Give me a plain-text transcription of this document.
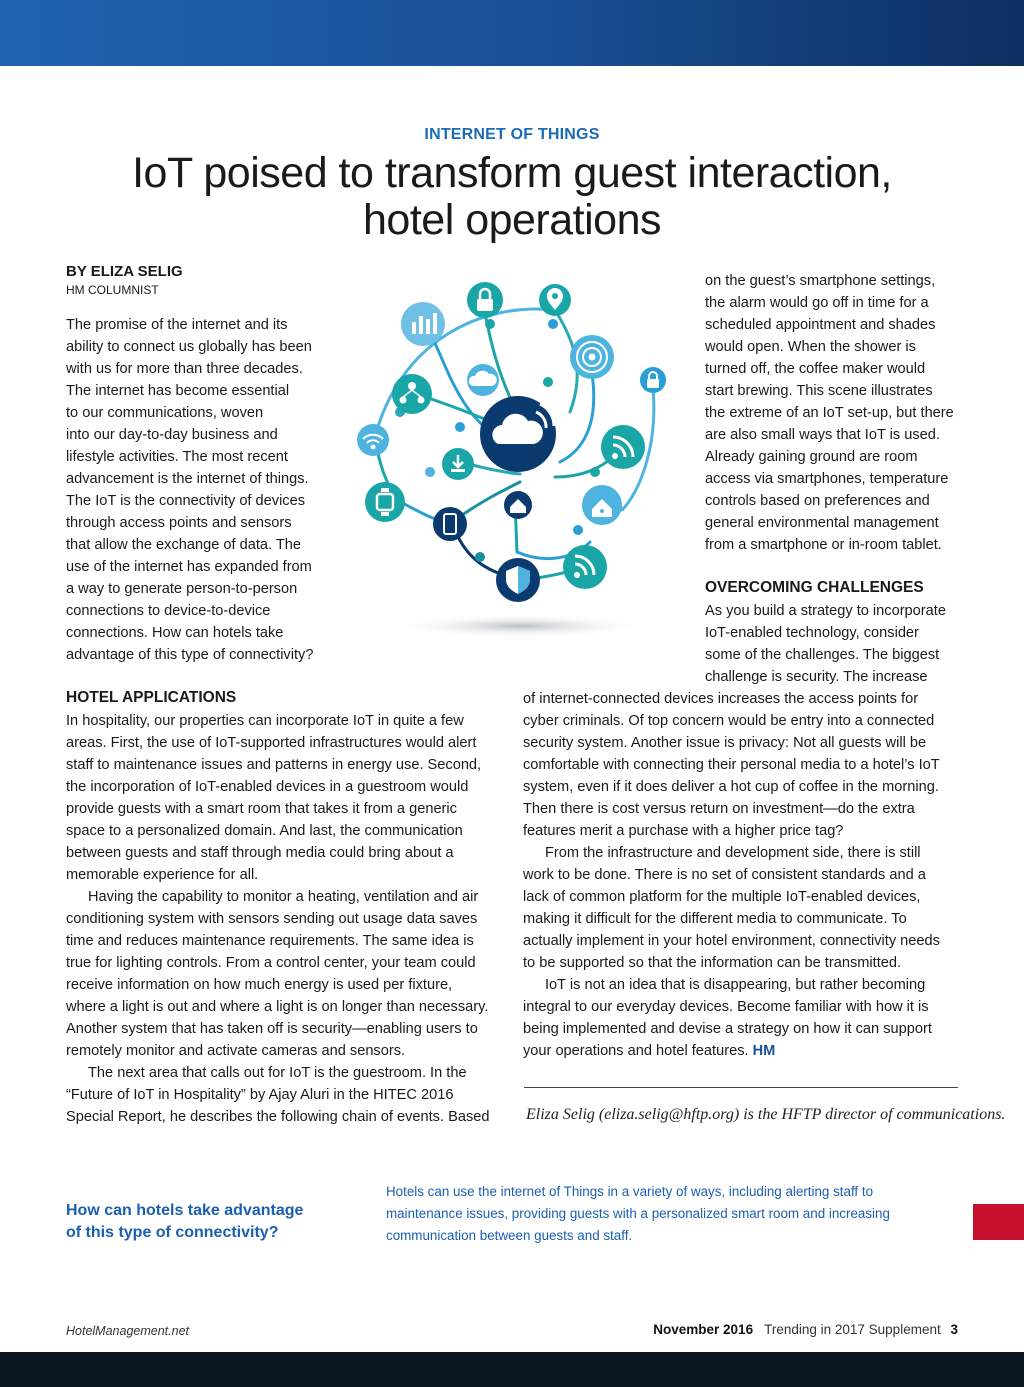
INTERNET OF THINGS
IoT poised to transform guest interaction,
hotel operations
BY ELIZA SELIG
HM COLUMNIST
The promise of the internet and its
ability to connect us globally has been
with us for more than three decades.
The internet has become essential
to our communications, woven
into our day-to-day business and
lifestyle activities. The most recent
advancement is the internet of things.
The IoT is the connectivity of devices
through access points and sensors
that allow the exchange of data. The
use of the internet has expanded from
a way to generate person-to-person
connections to device-to-device
connections. How can hotels take
advantage of this type of connectivity?
HOTEL APPLICATIONS
In hospitality, our properties can incorporate IoT in quite a few
areas. First, the use of IoT-supported infrastructures would alert
staff to maintenance issues and patterns in energy use. Second,
the incorporation of IoT-enabled devices in a guestroom would
provide guests with a smart room that takes it from a generic
space to a personalized domain. And last, the communication
between guests and staff through media could bring about a
memorable experience for all.
Having the capability to monitor a heating, ventilation and air
conditioning system with sensors sending out usage data saves
time and reduces maintenance requirements. The same idea is
true for lighting controls. From a control center, your team could
receive information on how much energy is used per fixture,
where a light is out and where a light is on longer than necessary.
Another system that has taken off is security—enabling users to
remotely monitor and activate cameras and sensors.
The next area that calls out for IoT is the guestroom. In the
“Future of IoT in Hospitality” by Ajay Aluri in the HITEC 2016
Special Report, he describes the following chain of events. Based
on the guest’s smartphone settings,
the alarm would go off in time for a
scheduled appointment and shades
would open. When the shower is
turned off, the coffee maker would
start brewing. This scene illustrates
the extreme of an IoT set-up, but there
are also small ways that IoT is used.
Already gaining ground are room
access via smartphones, temperature
controls based on preferences and
general environmental management
from a smartphone or in-room tablet.
OVERCOMING CHALLENGES
As you build a strategy to incorporate
IoT-enabled technology, consider
some of the challenges. The biggest
challenge is security. The increase
of internet-connected devices increases the access points for
cyber criminals. Of top concern would be entry into a connected
security system. Another issue is privacy: Not all guests will be
comfortable with connecting their personal media to a hotel’s IoT
system, even if it does deliver a hot cup of coffee in the morning.
Then there is cost versus return on investment—do the extra
features merit a purchase with a higher price tag?
From the infrastructure and development side, there is still
work to be done. There is no set of consistent standards and a
lack of common platform for the multiple IoT-enabled devices,
making it difficult for the different media to communicate. To
actually implement in your hotel environment, connectivity needs
to be supported so that the information can be transmitted.
IoT is not an idea that is disappearing, but rather becoming
integral to our everyday devices. Become familiar with how it is
being implemented and devise a strategy on how it can support
your operations and hotel features. HM
Eliza Selig (eliza.selig@hftp.org) is the HFTP director of communications.
How can hotels take advantage
of this type of connectivity?
Hotels can use the internet of Things in a variety of ways, including alerting staff to
maintenance issues, providing guests with a personalized smart room and increasing
communication between guests and staff.
HotelManagement.net	November 2016 Trending in 2017 Supplement 3
